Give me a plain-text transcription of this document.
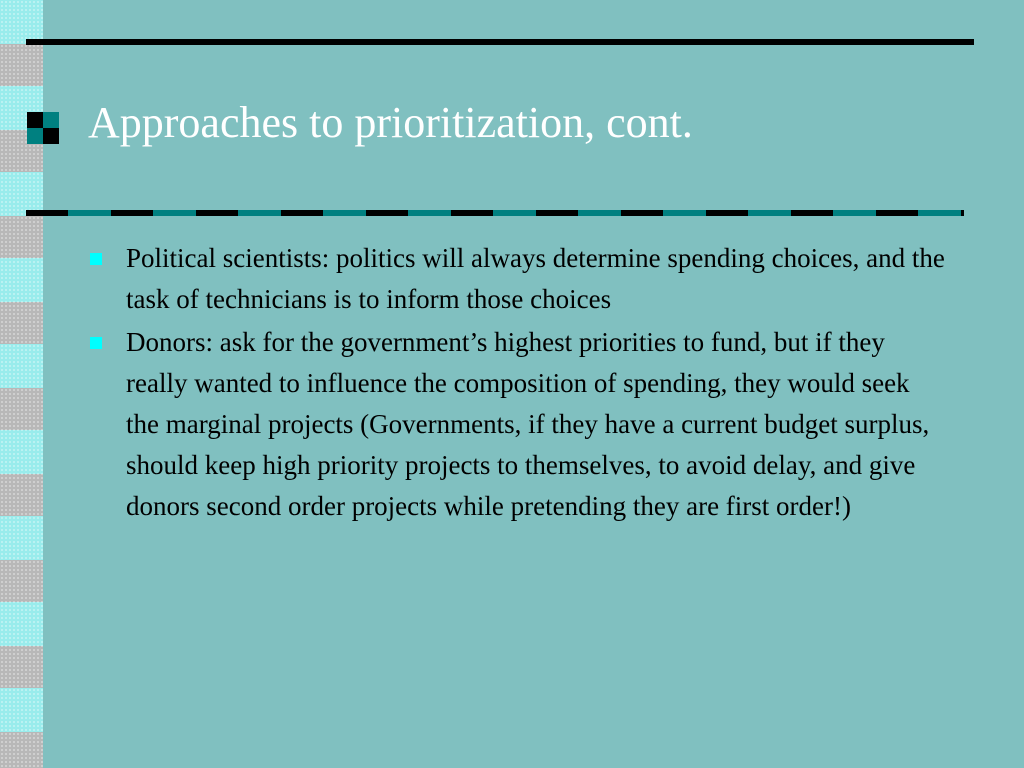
Approaches to prioritization, cont.
Political scientists: politics will always determine spending choices, and the task of technicians is to inform those choices
Donors: ask for the government’s highest priorities to fund, but if they really wanted to influence the composition of spending, they would seek the marginal projects (Governments, if they have a current budget surplus, should keep high priority projects to themselves, to avoid delay, and give donors second order projects while pretending they are first order!)
